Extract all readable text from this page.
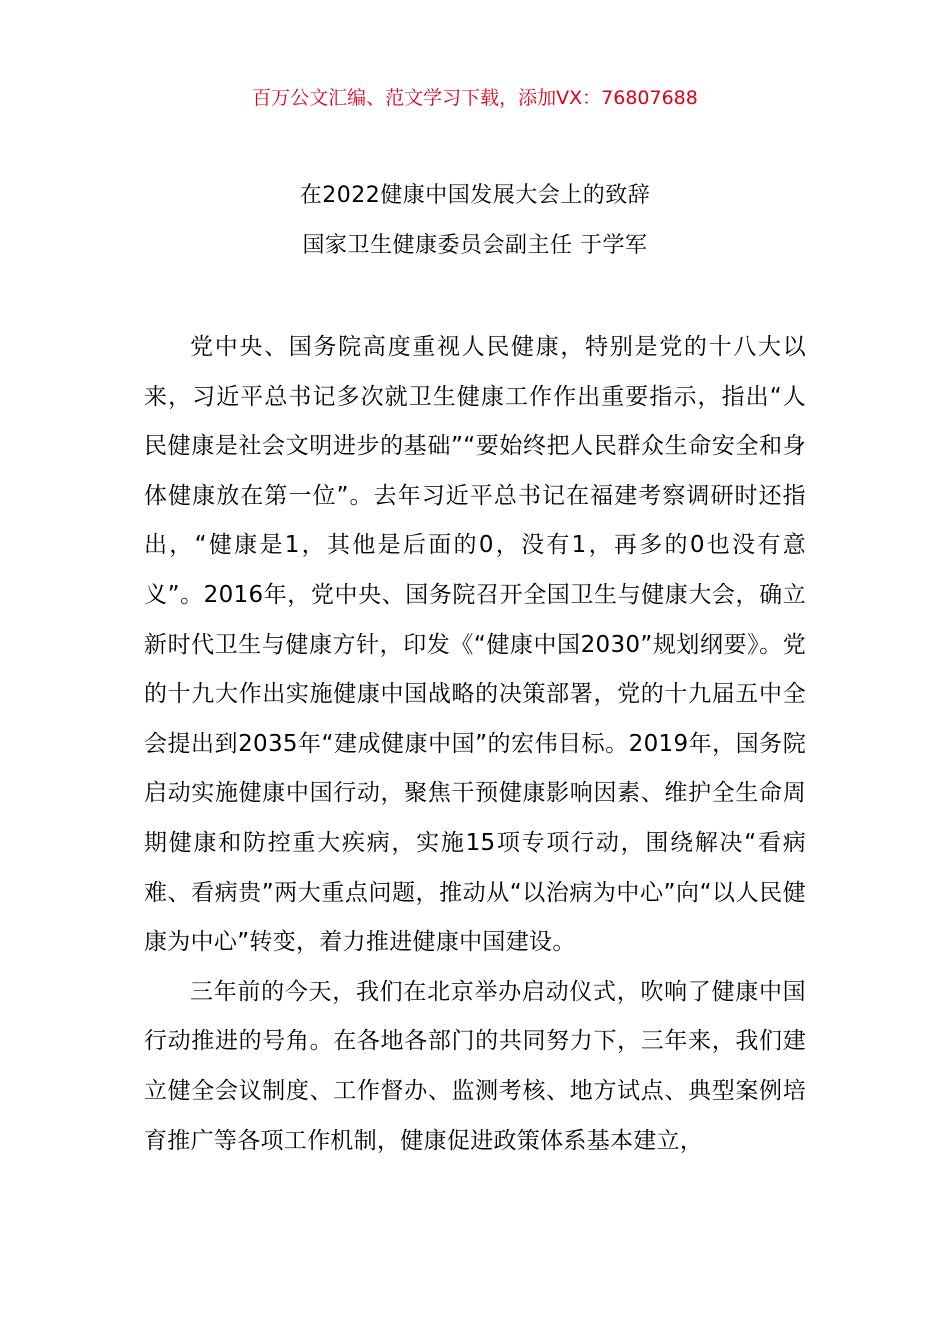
百万公文汇编、范文学习下载，添加VX：76807688
在2022健康中国发展大会上的致辞
国家卫生健康委员会副主任 于学军

党中央、国务院高度重视人民健康，特别是党的十八大以来，习近平总书记多次就卫生健康工作作出重要指示，指出“人民健康是社会文明进步的基础”“要始终把人民群众生命安全和身体健康放在第一位”。去年习近平总书记在福建考察调研时还指出，“健康是1，其他是后面的0，没有1，再多的0也没有意义”。2016年，党中央、国务院召开全国卫生与健康大会，确立新时代卫生与健康方针，印发《“健康中国2030”规划纲要》。党的十九大作出实施健康中国战略的决策部署，党的十九届五中全会提出到2035年“建成健康中国”的宏伟目标。2019年，国务院启动实施健康中国行动，聚焦干预健康影响因素、维护全生命周期健康和防控重大疾病，实施15项专项行动，围绕解决“看病难、看病贵”两大重点问题，推动从“以治病为中心”向“以人民健康为中心”转变，着力推进健康中国建设。

三年前的今天，我们在北京举办启动仪式，吹响了健康中国行动推进的号角。在各地各部门的共同努力下，三年来，我们建立健全会议制度、工作督办、监测考核、地方试点、典型案例培育推广等各项工作机制，健康促进政策体系基本建立，
